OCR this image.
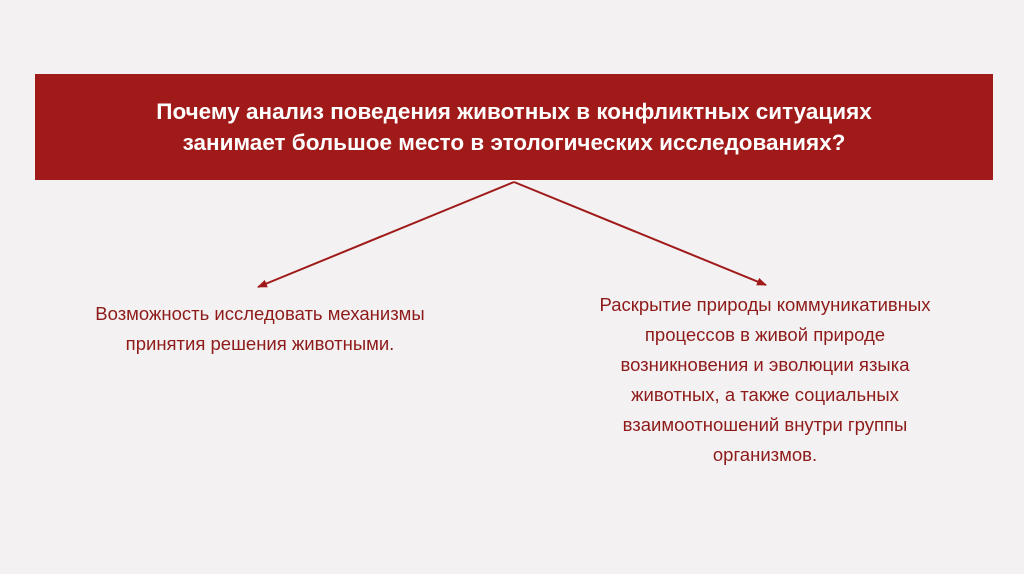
Почему анализ поведения животных в конфликтных ситуациях
занимает большое место в этологических исследованиях?
Возможность исследовать механизмы
принятия решения животными.
Раскрытие природы коммуникативных
процессов в живой природе
возникновения и эволюции языка
животных, а также социальных
взаимоотношений внутри группы
организмов.
